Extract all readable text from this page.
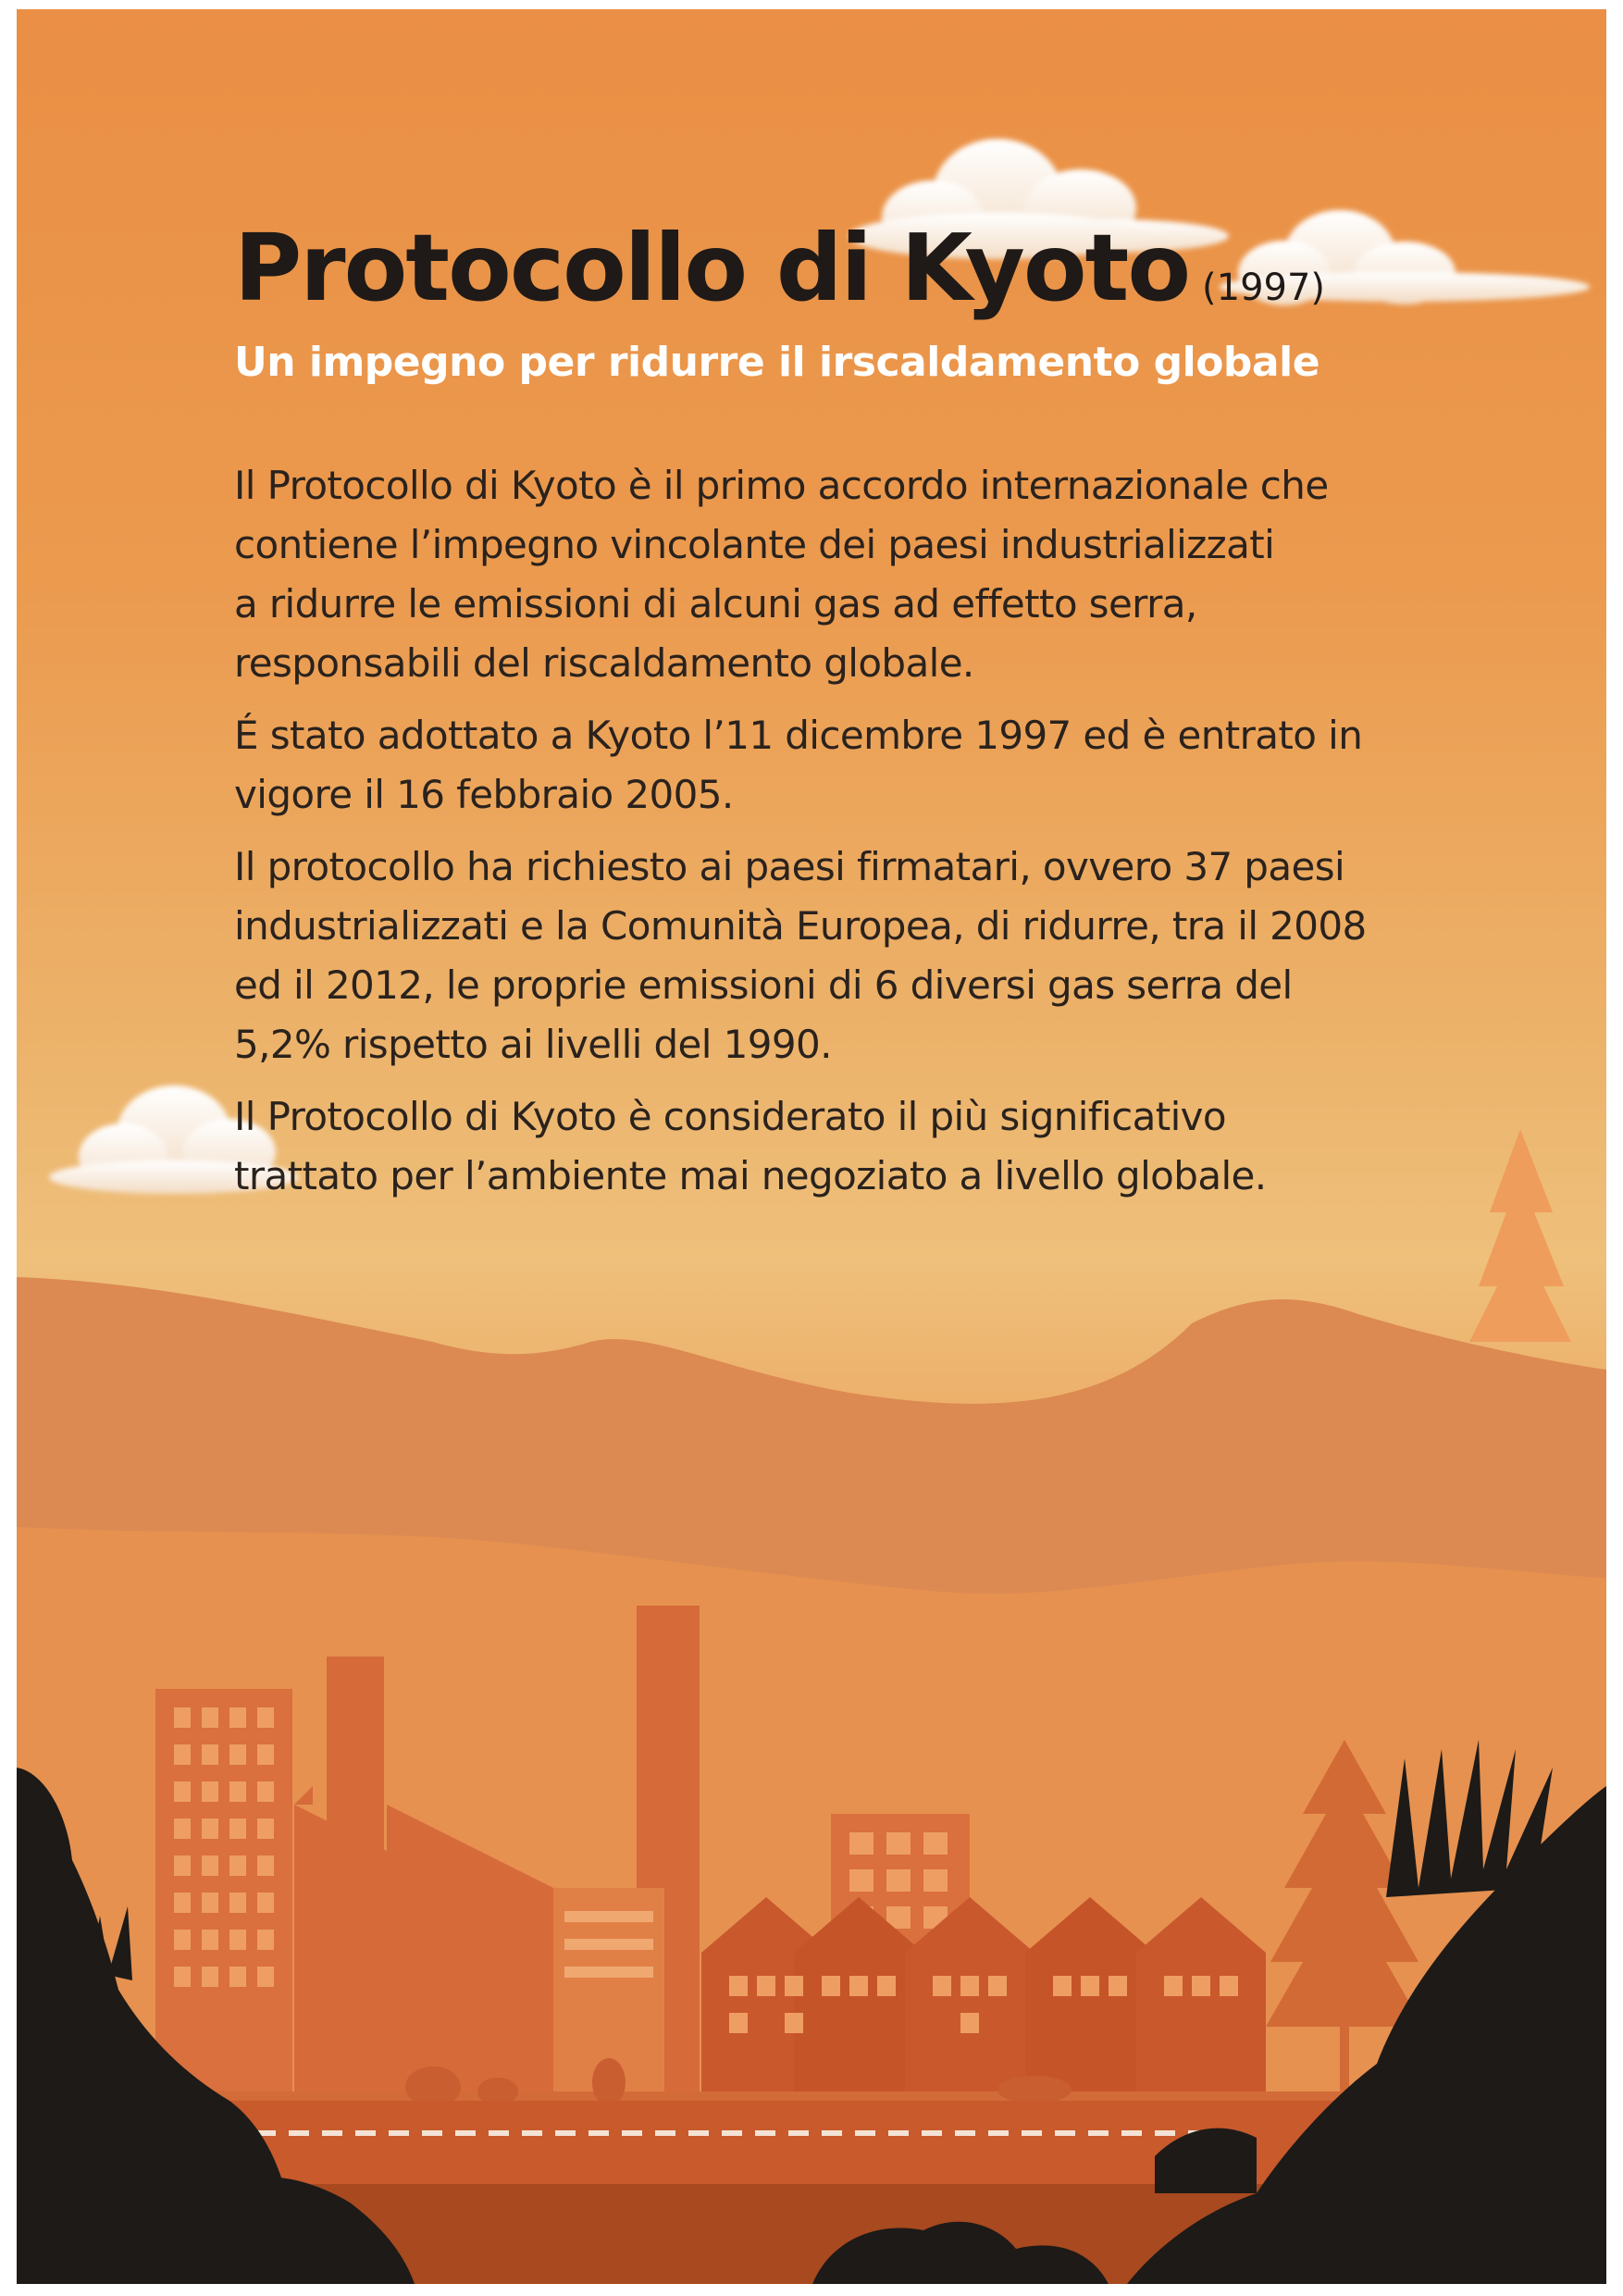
Protocollo di Kyoto (1997)
Un impegno per ridurre il irscaldamento globale

Il Protocollo di Kyoto è il primo accordo internazionale che
contiene l’impegno vincolante dei paesi industrializzati
a ridurre le emissioni di alcuni gas ad effetto serra,
responsabili del riscaldamento globale.

É stato adottato a Kyoto l’11 dicembre 1997 ed è entrato in
vigore il 16 febbraio 2005.

Il protocollo ha richiesto ai paesi firmatari, ovvero 37 paesi
industrializzati e la Comunità Europea, di ridurre, tra il 2008
ed il 2012, le proprie emissioni di 6 diversi gas serra del
5,2% rispetto ai livelli del 1990.

Il Protocollo di Kyoto è considerato il più significativo
trattato per l’ambiente mai negoziato a livello globale.
